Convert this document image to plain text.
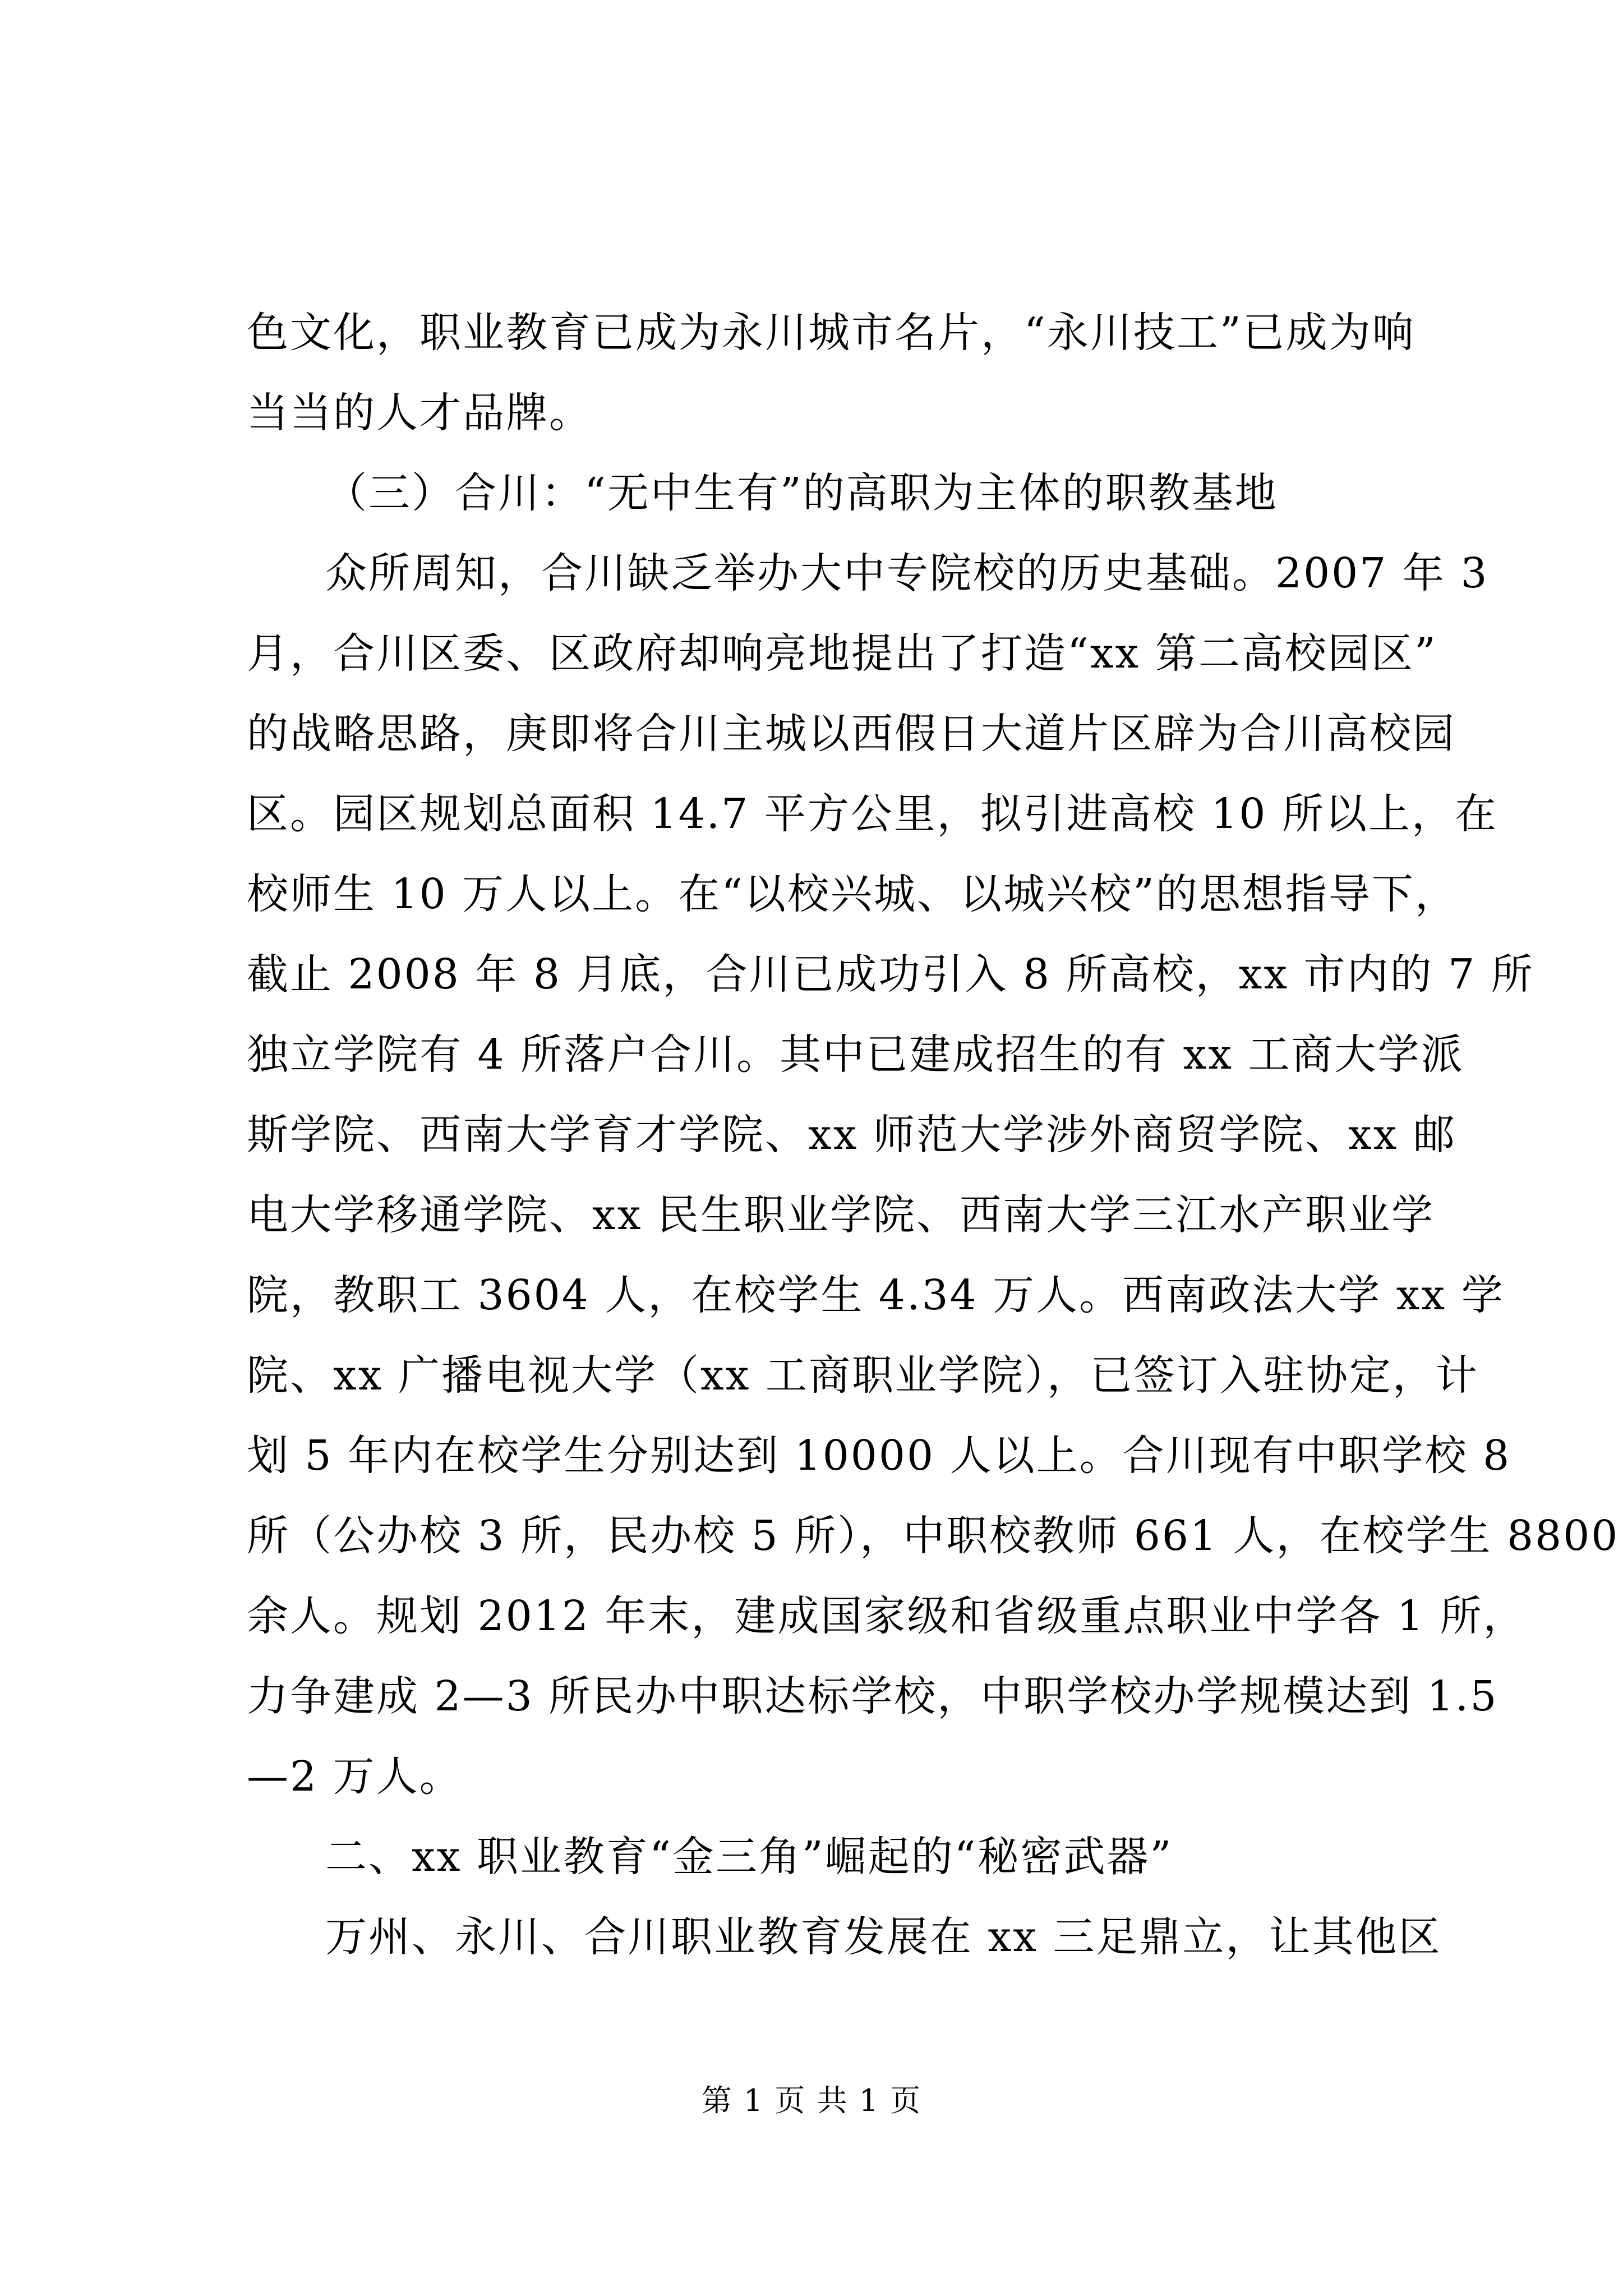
色文化，职业教育已成为永川城市名片，“永川技工”已成为响
当当的人才品牌。
（三）合川：“无中生有”的高职为主体的职教基地
众所周知，合川缺乏举办大中专院校的历史基础。2007 年 3
月，合川区委、区政府却响亮地提出了打造“xx 第二高校园区”
的战略思路，庚即将合川主城以西假日大道片区辟为合川高校园
区。园区规划总面积 14.7 平方公里，拟引进高校 10 所以上，在
校师生 10 万人以上。在“以校兴城、以城兴校”的思想指导下，
截止 2008 年 8 月底，合川已成功引入 8 所高校，xx 市内的 7 所
独立学院有 4 所落户合川。其中已建成招生的有 xx 工商大学派
斯学院、西南大学育才学院、xx 师范大学涉外商贸学院、xx 邮
电大学移通学院、xx 民生职业学院、西南大学三江水产职业学
院，教职工 3604 人，在校学生 4.34 万人。西南政法大学 xx 学
院、xx 广播电视大学（xx 工商职业学院），已签订入驻协定，计
划 5 年内在校学生分别达到 10000 人以上。合川现有中职学校 8
所（公办校 3 所，民办校 5 所），中职校教师 661 人，在校学生 8800
余人。规划 2012 年末，建成国家级和省级重点职业中学各 1 所，
力争建成 2—3 所民办中职达标学校，中职学校办学规模达到 1.5
—2 万人。
二、xx 职业教育“金三角”崛起的“秘密武器”
万州、永川、合川职业教育发展在 xx 三足鼎立，让其他区
第 1 页 共 1 页
